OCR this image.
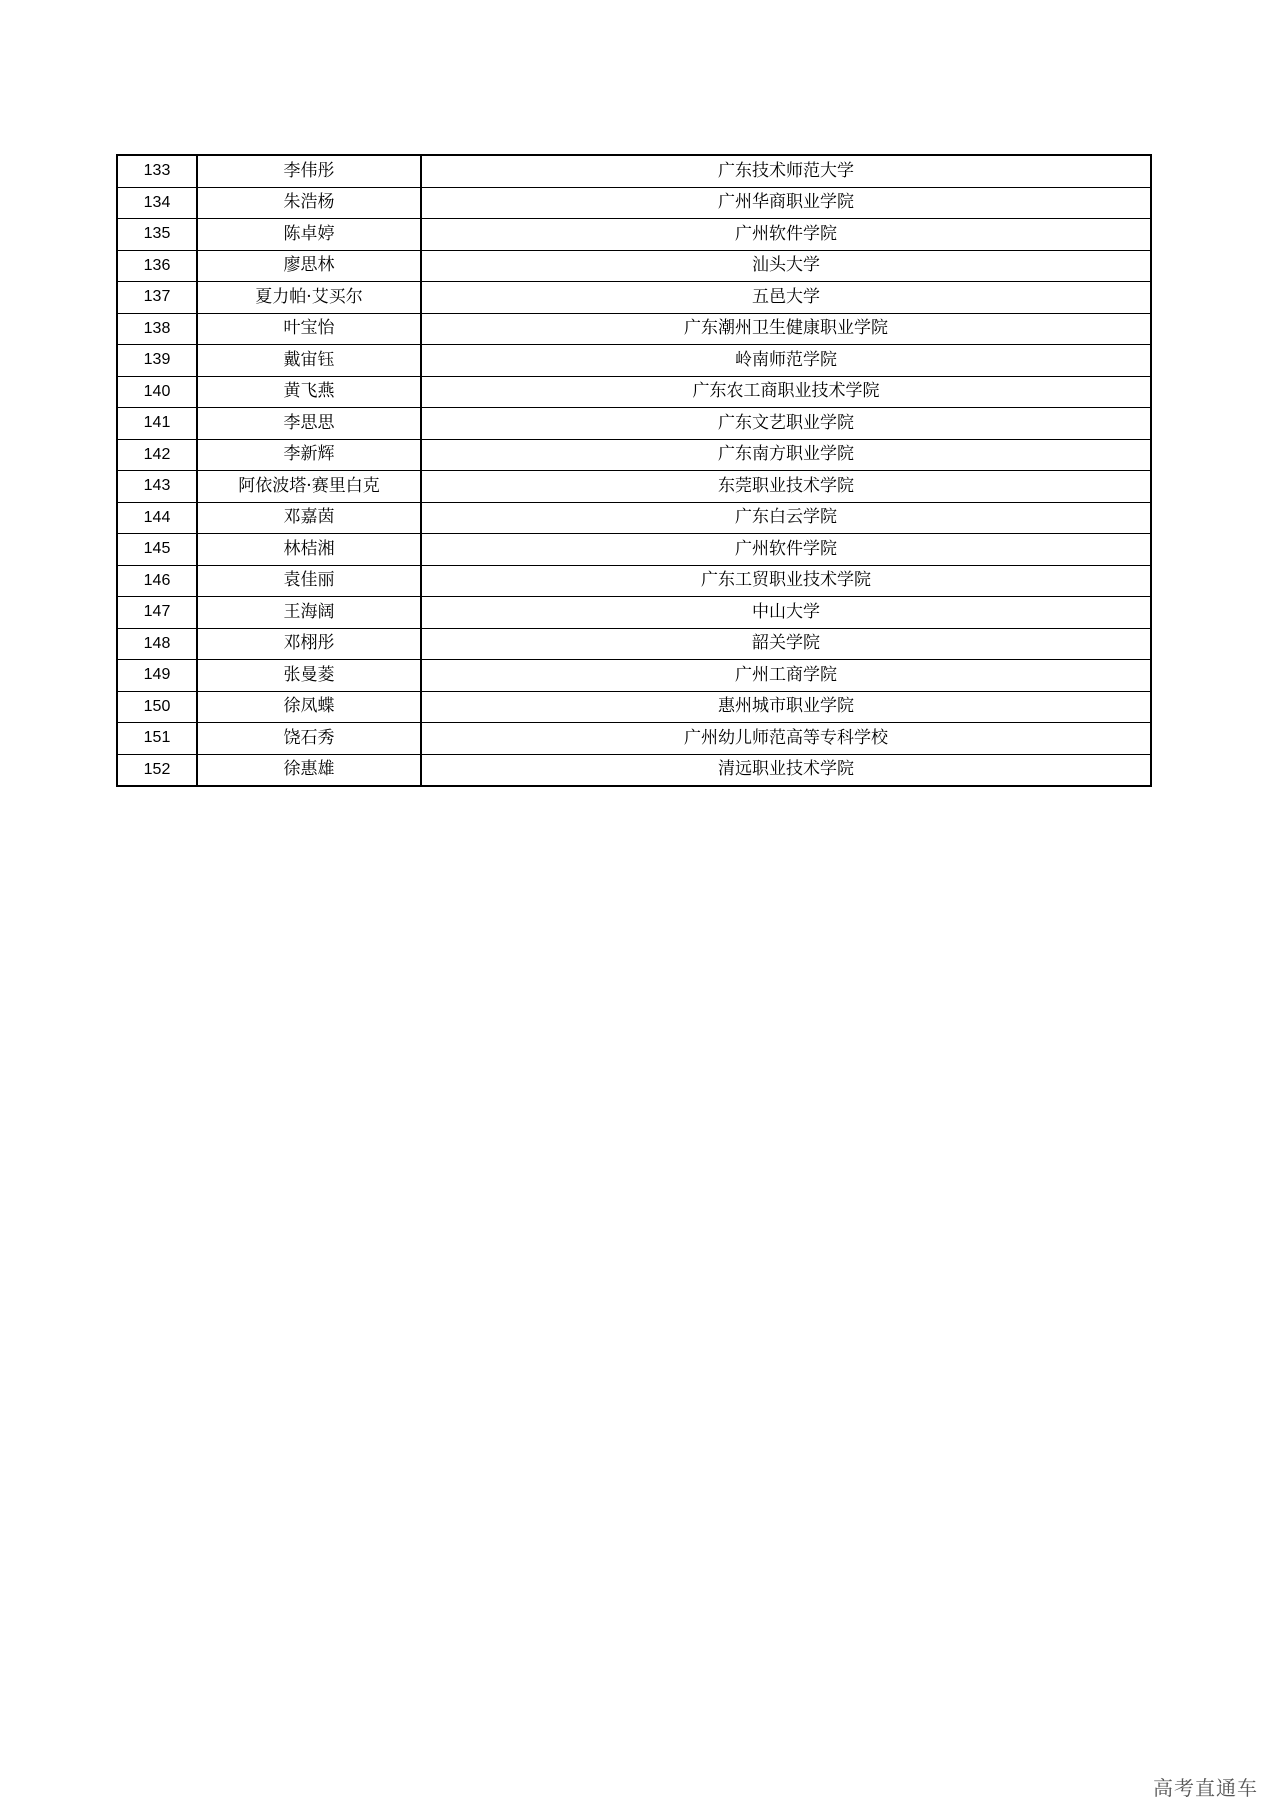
133	李伟彤	广东技术师范大学
134	朱浩杨	广州华商职业学院
135	陈卓婷	广州软件学院
136	廖思林	汕头大学
137	夏力帕·艾买尔	五邑大学
138	叶宝怡	广东潮州卫生健康职业学院
139	戴宙钰	岭南师范学院
140	黄飞燕	广东农工商职业技术学院
141	李思思	广东文艺职业学院
142	李新辉	广东南方职业学院
143	阿依波塔·赛里白克	东莞职业技术学院
144	邓嘉茵	广东白云学院
145	林桔湘	广州软件学院
146	袁佳丽	广东工贸职业技术学院
147	王海阔	中山大学
148	邓栩彤	韶关学院
149	张曼菱	广州工商学院
150	徐凤蝶	惠州城市职业学院
151	饶石秀	广州幼儿师范高等专科学校
152	徐惠雄	清远职业技术学院
高考直通车
